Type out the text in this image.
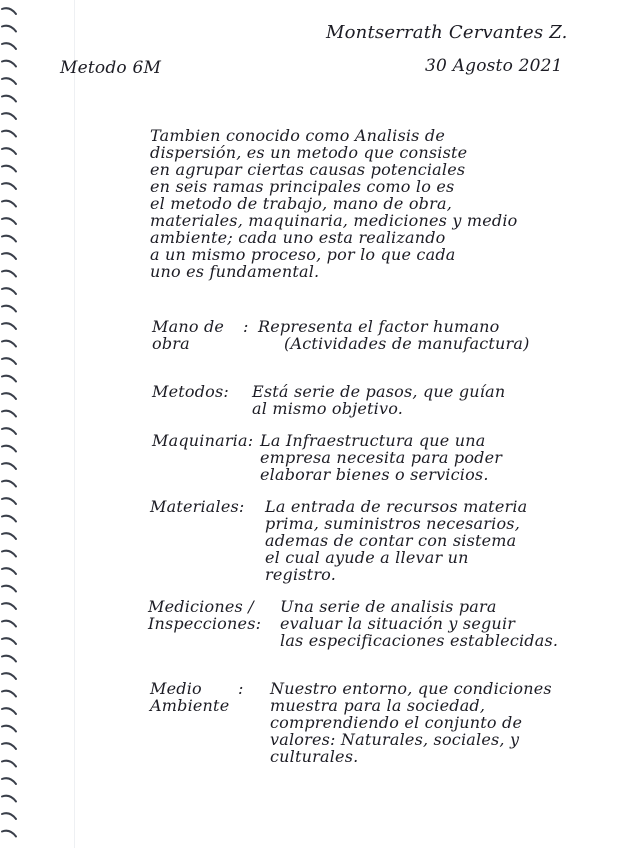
Montserrath Cervantes Z.
Metodo 6M	30 Agosto 2021
Tambien conocido como Analisis de
dispersión, es un metodo que consiste
en agrupar ciertas causas potenciales
en seis ramas principales como lo es
el metodo de trabajo, mano de obra,
materiales, maquinaria, mediciones y medio
ambiente; cada uno esta realizando
a un mismo proceso, por lo que cada
uno es fundamental.
Mano de
obra
: Representa el factor humano
(Actividades de manufactura)
Metodos: Está serie de pasos, que guían
al mismo objetivo.
Maquinaria: La Infraestructura que una
empresa necesita para poder
elaborar bienes o servicios.
Materiales: La entrada de recursos materia
prima, suministros necesarios,
ademas de contar con sistema
el cual ayude a llevar un
registro.
Mediciones /
Inspecciones:
Una serie de analisis para
evaluar la situación y seguir
las especificaciones establecidas.
Medio
Ambiente
: Nuestro entorno, que condiciones
muestra para la sociedad,
comprendiendo el conjunto de
valores: Naturales, sociales, y
culturales.
